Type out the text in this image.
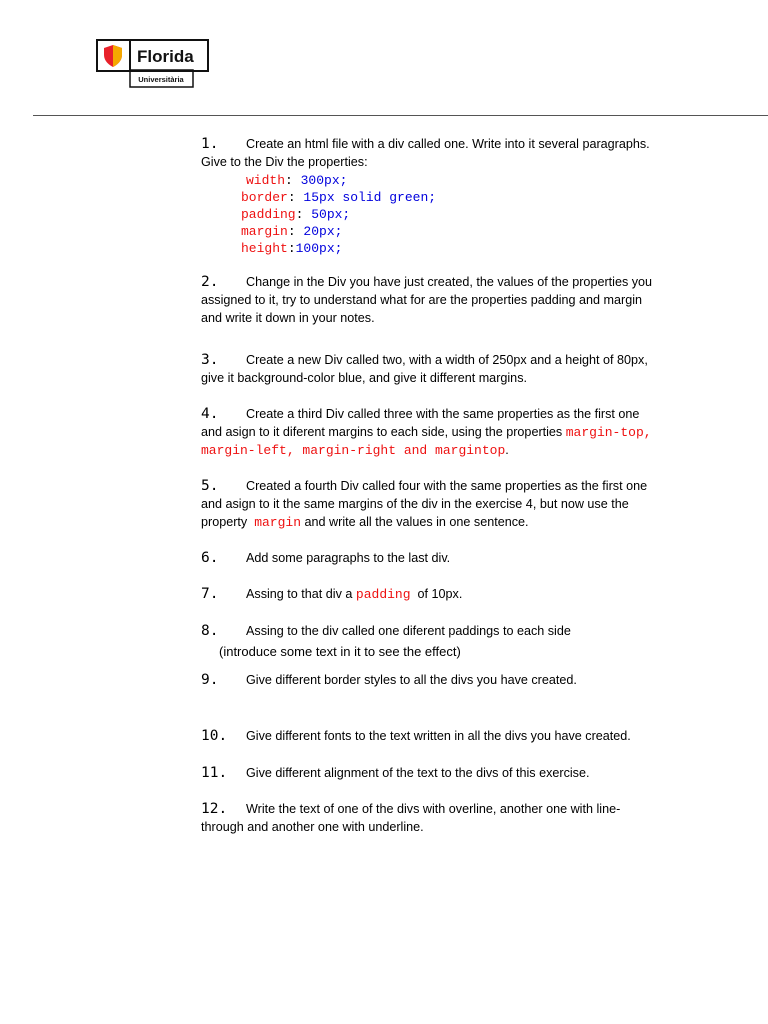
Florida
Universitària
1. Create an html file with a div called one. Write into it several paragraphs. Give to the Div the properties:
width: 300px;
border: 15px solid green;
padding: 50px;
margin: 20px;
height:100px;
2. Change in the Div you have just created, the values of the properties you assigned to it, try to understand what for are the properties padding and margin and write it down in your notes.
3. Create a new Div called two, with a width of 250px and a height of 80px, give it background-color blue, and give it different margins.
4. Create a third Div called three with the same properties as the first one and asign to it diferent margins to each side, using the properties margin-top, margin-left, margin-right and margintop.
5. Created a fourth Div called four with the same properties as the first one and asign to it the same margins of the div in the exercise 4, but now use the property margin and write all the values in one sentence.
6. Add some paragraphs to the last div.
7. Assing to that div a padding of 10px.
8. Assing to the div called one diferent paddings to each side
(introduce some text in it to see the effect)
9. Give different border styles to all the divs you have created.
10. Give different fonts to the text written in all the divs you have created.
11. Give different alignment of the text to the divs of this exercise.
12. Write the text of one of the divs with overline, another one with line-through and another one with underline.
